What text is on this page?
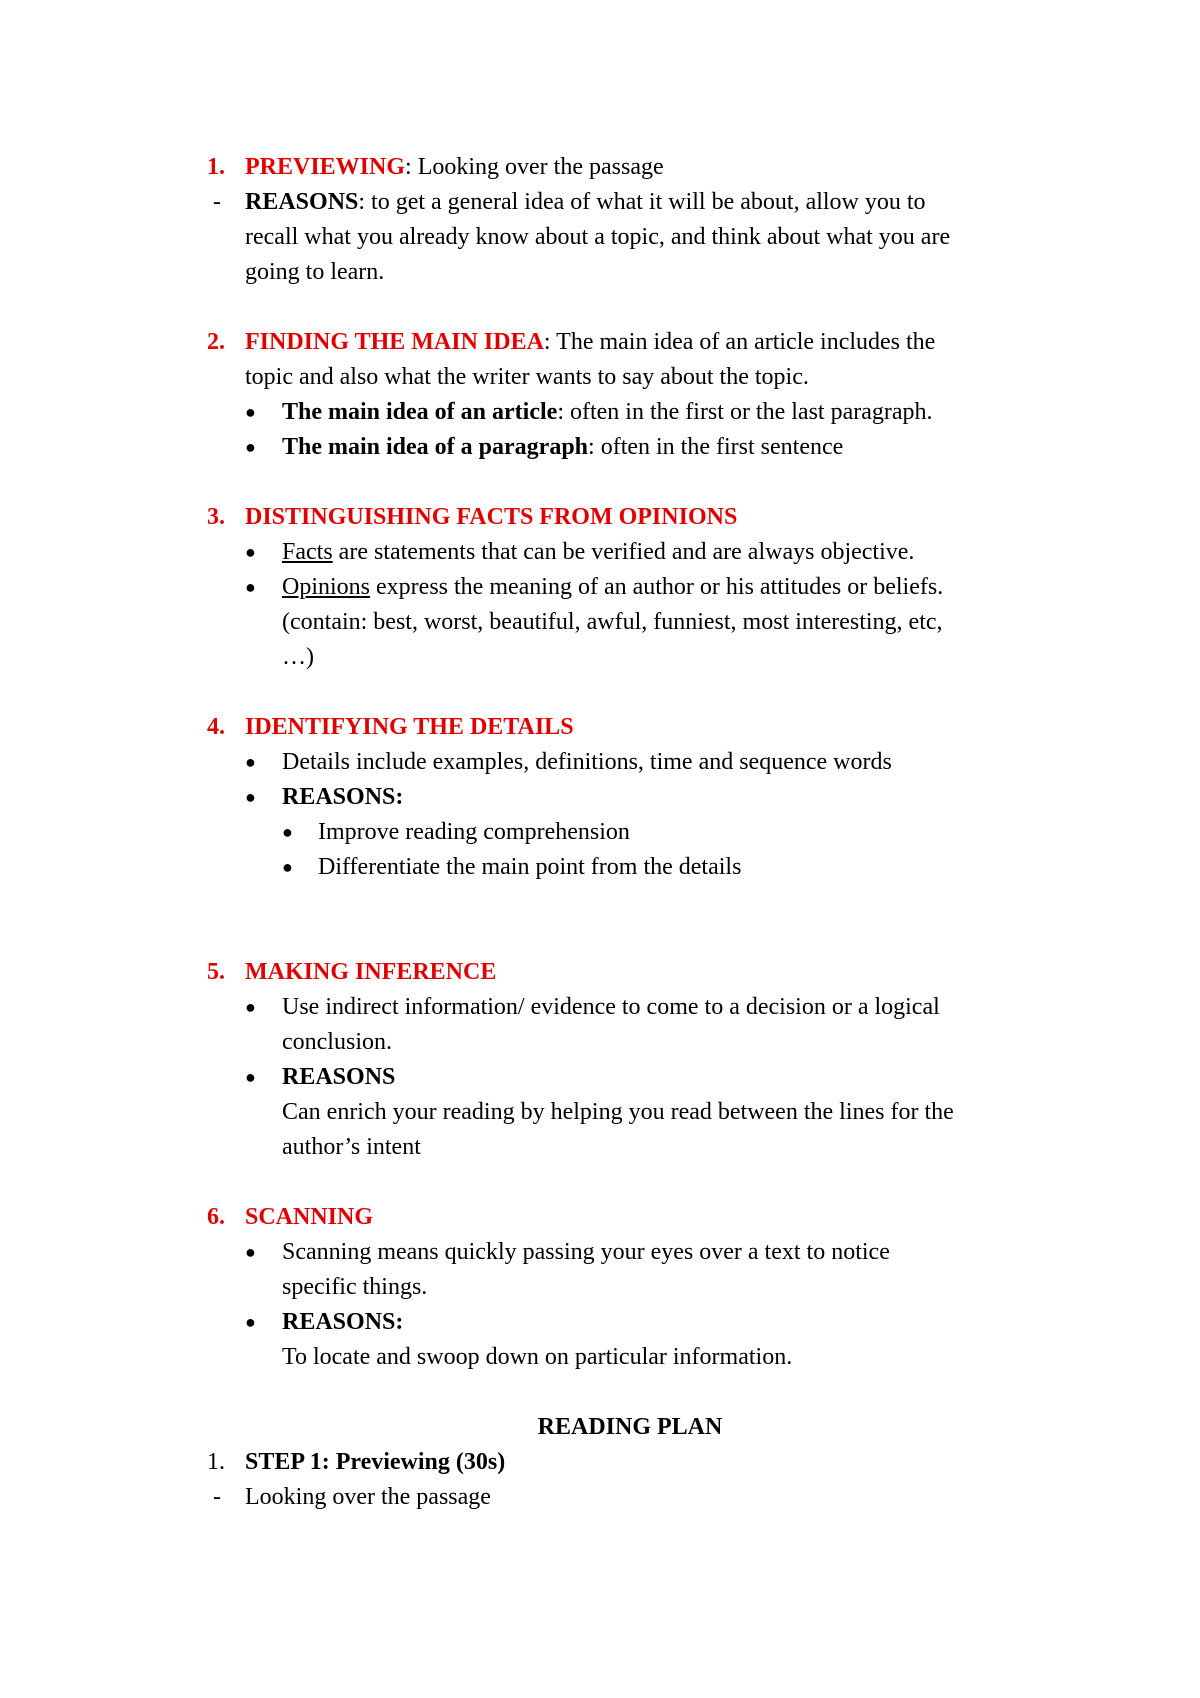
1. PREVIEWING: Looking over the passage
- REASONS: to get a general idea of what it will be about, allow you to
recall what you already know about a topic, and think about what you are
going to learn.
2. FINDING THE MAIN IDEA: The main idea of an article includes the
topic and also what the writer wants to say about the topic.
● The main idea of an article: often in the first or the last paragraph.
● The main idea of a paragraph: often in the first sentence
3. DISTINGUISHING FACTS FROM OPINIONS
● Facts are statements that can be verified and are always objective.
● Opinions express the meaning of an author or his attitudes or beliefs.
(contain: best, worst, beautiful, awful, funniest, most interesting, etc,
…)
4. IDENTIFYING THE DETAILS
● Details include examples, definitions, time and sequence words
● REASONS:
● Improve reading comprehension
● Differentiate the main point from the details
5. MAKING INFERENCE
● Use indirect information/ evidence to come to a decision or a logical
conclusion.
● REASONS
Can enrich your reading by helping you read between the lines for the
author’s intent
6. SCANNING
● Scanning means quickly passing your eyes over a text to notice
specific things.
● REASONS:
To locate and swoop down on particular information.
READING PLAN
1. STEP 1: Previewing (30s)
- Looking over the passage
